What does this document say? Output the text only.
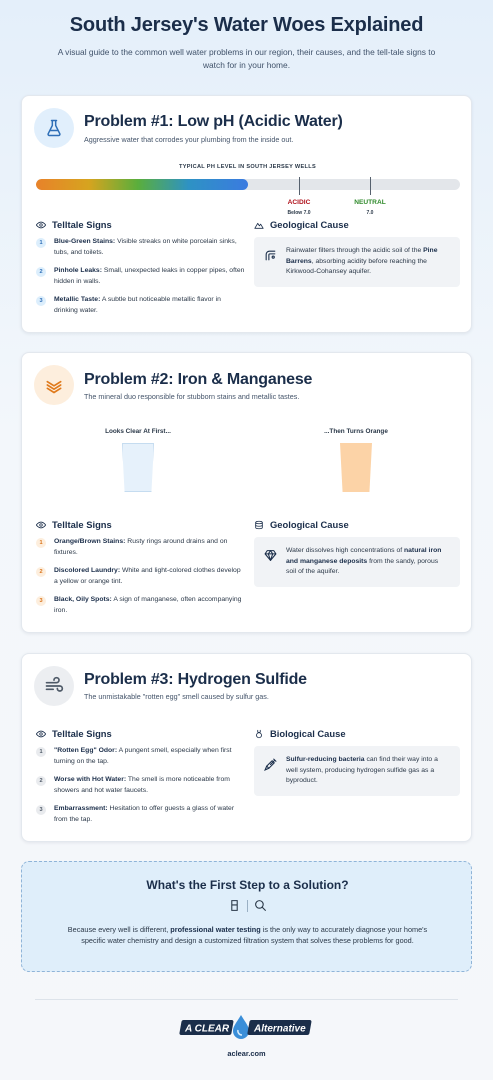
South Jersey's Water Woes Explained

A visual guide to the common well water problems in our region, their causes, and the tell-tale signs to watch for in your home.

Problem #1: Low pH (Acidic Water)
Aggressive water that corrodes your plumbing from the inside out.
TYPICAL PH LEVEL IN SOUTH JERSEY WELLS
ACIDIC
Below 7.0
NEUTRAL
7.0
Telltale Signs
1	Blue-Green Stains: Visible streaks on white porcelain sinks, tubs, and toilets.
2	Pinhole Leaks: Small, unexpected leaks in copper pipes, often hidden in walls.
3	Metallic Taste: A subtle but noticeable metallic flavor in drinking water.
Geological Cause
Rainwater filters through the acidic soil of the Pine Barrens, absorbing acidity before reaching the Kirkwood-Cohansey aquifer.
Problem #2: Iron & Manganese
The mineral duo responsible for stubborn stains and metallic tastes.
Looks Clear At First...	...Then Turns Orange
Telltale Signs
1	Orange/Brown Stains: Rusty rings around drains and on fixtures.
2	Discolored Laundry: White and light-colored clothes develop a yellow or orange tint.
3	Black, Oily Spots: A sign of manganese, often accompanying iron.
Geological Cause
Water dissolves high concentrations of natural iron and manganese deposits from the sandy, porous soil of the aquifer.
Problem #3: Hydrogen Sulfide
The unmistakable "rotten egg" smell caused by sulfur gas.
Telltale Signs
1	"Rotten Egg" Odor: A pungent smell, especially when first turning on the tap.
2	Worse with Hot Water: The smell is more noticeable from showers and hot water faucets.
3	Embarrassment: Hesitation to offer guests a glass of water from the tap.
Biological Cause
Sulfur-reducing bacteria can find their way into a well system, producing hydrogen sulfide gas as a byproduct.
What's the First Step to a Solution?

Because every well is different, professional water testing is the only way to accurately diagnose your home's specific water chemistry and design a customized filtration system that solves these problems for good.

A CLEAR Alternative
aclear.com
